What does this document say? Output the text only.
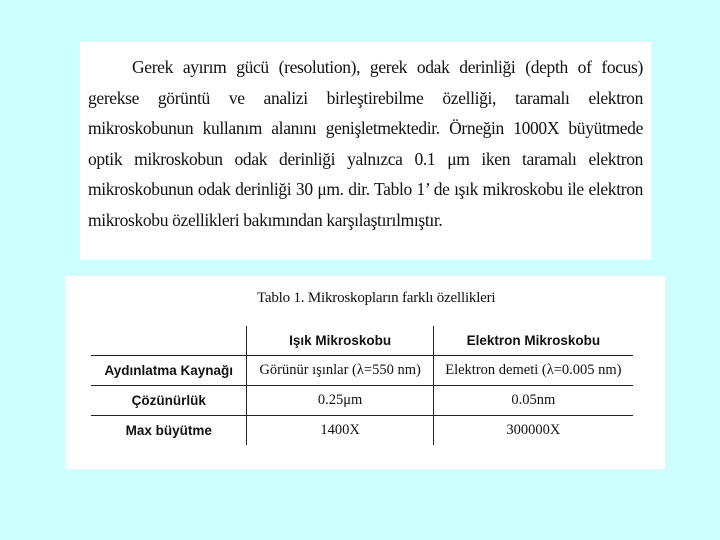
Gerek ayırım gücü (resolution), gerek odak derinliği (depth of focus) gerekse görüntü ve analizi birleştirebilme özelliği, taramalı elektron mikroskobunun kullanım alanını genişletmektedir. Örneğin 1000X büyütmede optik mikroskobun odak derinliği yalnızca 0.1 μm iken taramalı elektron mikroskobunun odak derinliği 30 μm. dir. Tablo 1’ de ışık mikroskobu ile elektron mikroskobu özellikleri bakımından karşılaştırılmıştır.

Tablo 1. Mikroskopların farklı özellikleri
	Işık Mikroskobu	Elektron Mikroskobu
Aydınlatma Kaynağı	Görünür ışınlar (λ=550 nm)	Elektron demeti (λ=0.005 nm)
Çözünürlük	0.25μm	0.05nm
Max büyütme	1400X	300000X
